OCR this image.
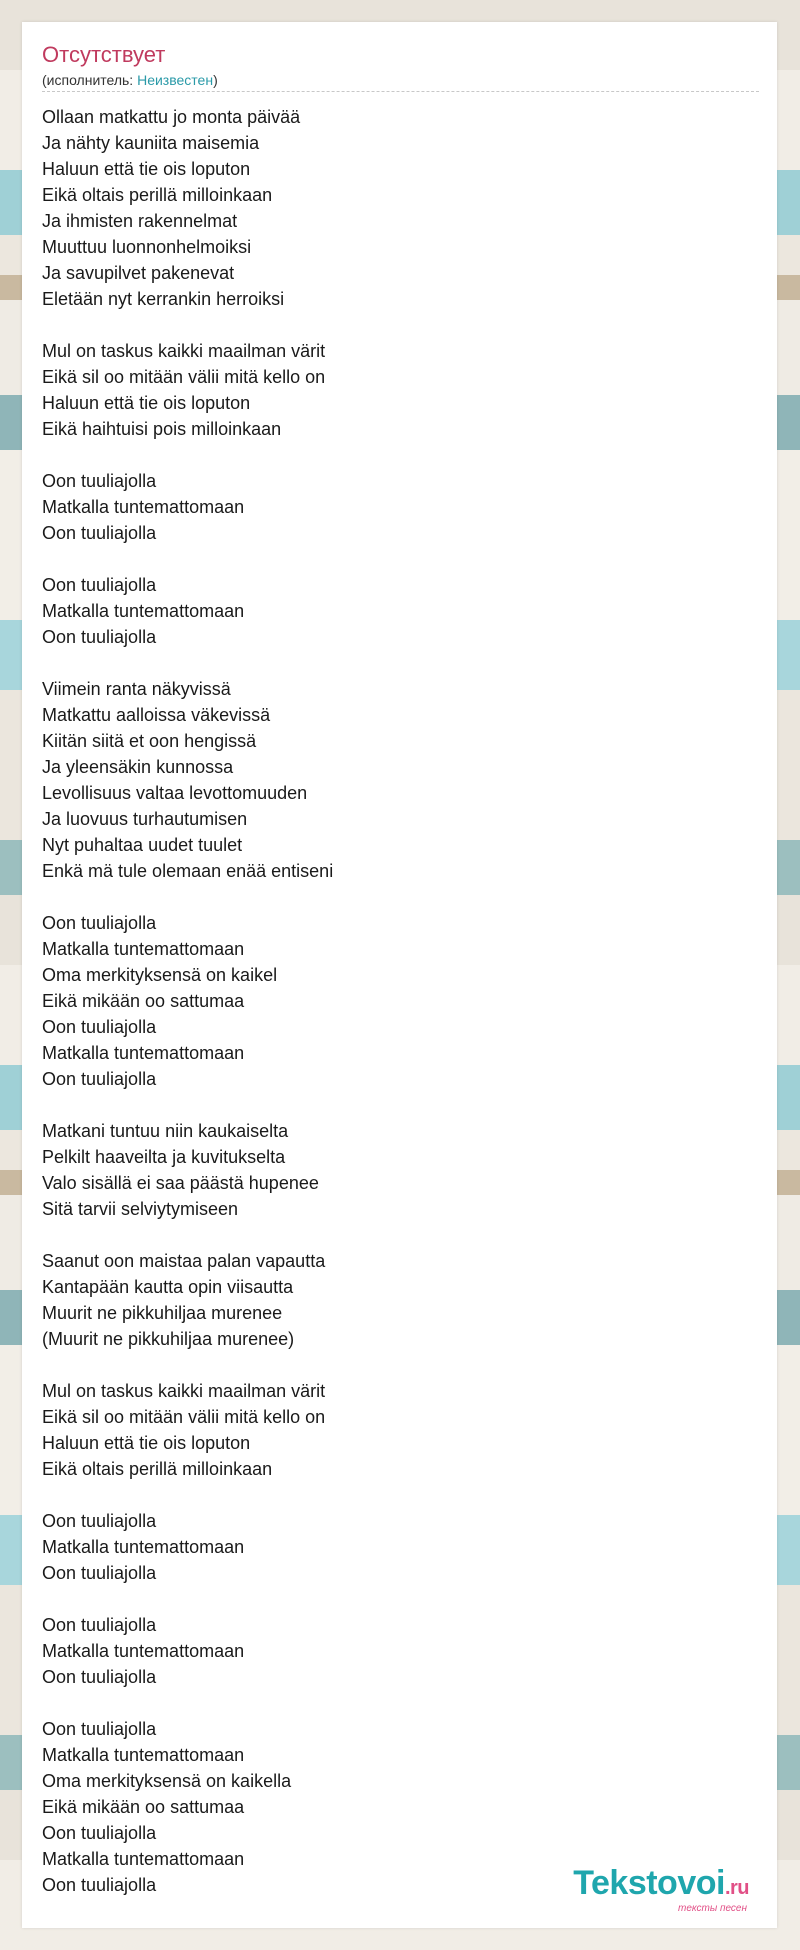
Отсутствует
(исполнитель: Неизвестен)
Ollaan matkattu jo monta päivää
Ja nähty kauniita maisemia
Haluun että tie ois loputon
Eikä oltais perillä milloinkaan
Ja ihmisten rakennelmat
Muuttuu luonnonhelmoiksi
Ja savupilvet pakenevat
Eletään nyt kerrankin herroiksi

Mul on taskus kaikki maailman värit
Eikä sil oo mitään välii mitä kello on
Haluun että tie ois loputon
Eikä haihtuisi pois milloinkaan

Oon tuuliajolla
Matkalla tuntemattomaan
Oon tuuliajolla

Oon tuuliajolla
Matkalla tuntemattomaan
Oon tuuliajolla

Viimein ranta näkyvissä
Matkattu aalloissa väkevissä
Kiitän siitä et oon hengissä
Ja yleensäkin kunnossa
Levollisuus valtaa levottomuuden
Ja luovuus turhautumisen
Nyt puhaltaa uudet tuulet
Enkä mä tule olemaan enää entiseni

Oon tuuliajolla
Matkalla tuntemattomaan
Oma merkityksensä on kaikel
Eikä mikään oo sattumaa
Oon tuuliajolla
Matkalla tuntemattomaan
Oon tuuliajolla

Matkani tuntuu niin kaukaiselta
Pelkilt haaveilta ja kuvitukselta
Valo sisällä ei saa päästä hupenee
Sitä tarvii selviytymiseen

Saanut oon maistaa palan vapautta
Kantapään kautta opin viisautta
Muurit ne pikkuhiljaa murenee
(Muurit ne pikkuhiljaa murenee)

Mul on taskus kaikki maailman värit
Eikä sil oo mitään välii mitä kello on
Haluun että tie ois loputon
Eikä oltais perillä milloinkaan

Oon tuuliajolla
Matkalla tuntemattomaan
Oon tuuliajolla

Oon tuuliajolla
Matkalla tuntemattomaan
Oon tuuliajolla

Oon tuuliajolla
Matkalla tuntemattomaan
Oma merkityksensä on kaikella
Eikä mikään oo sattumaa
Oon tuuliajolla
Matkalla tuntemattomaan
Oon tuuliajolla	Tekstovoi.ru
тексты песен
